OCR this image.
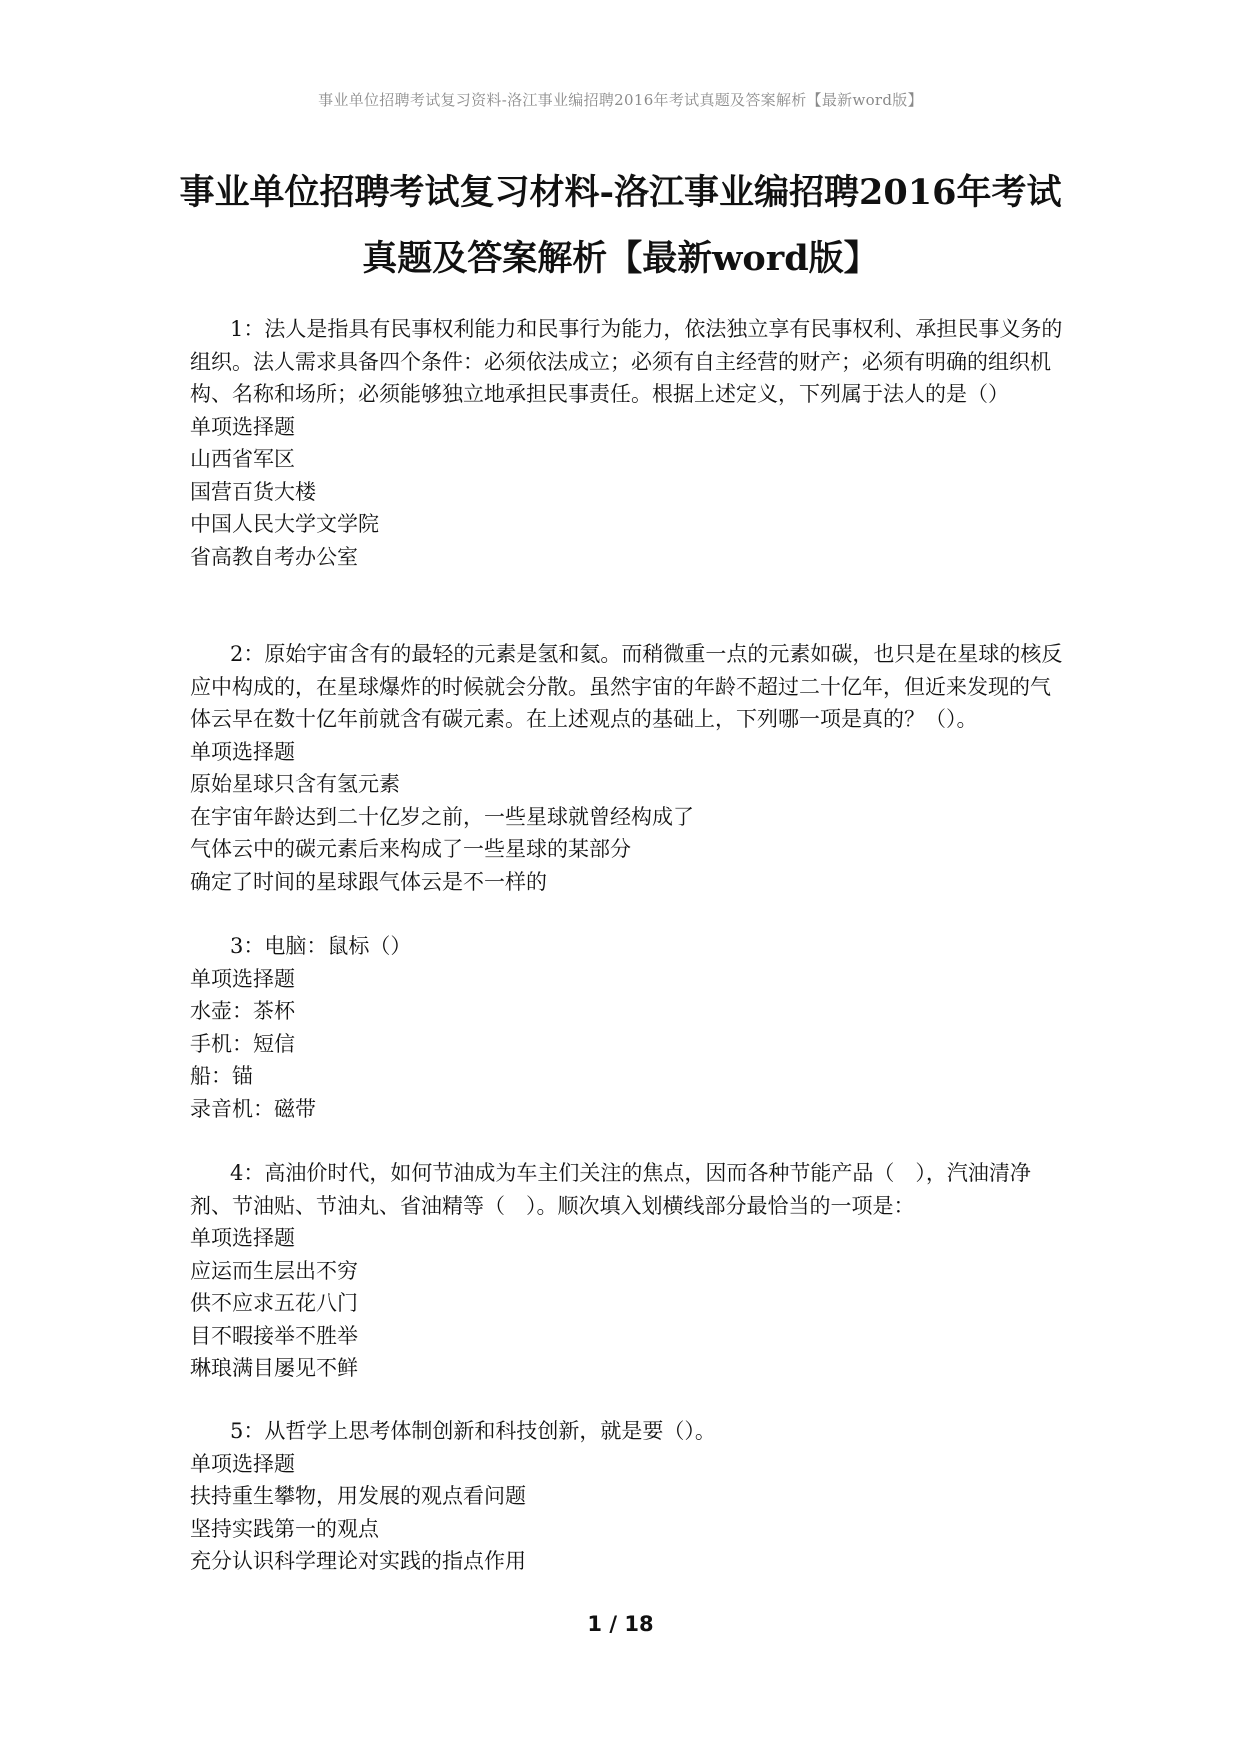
事业单位招聘考试复习资料-洛江事业编招聘2016年考试真题及答案解析【最新word版】
事业单位招聘考试复习材料-洛江事业编招聘2016年考试
真题及答案解析【最新word版】

1：法人是指具有民事权利能力和民事行为能力，依法独立享有民事权利、承担民事义务的组织。法人需求具备四个条件：必须依法成立；必须有自主经营的财产；必须有明确的组织机构、名称和场所；必须能够独立地承担民事责任。根据上述定义，下列属于法人的是（）

单项选择题
山西省军区
国营百货大楼
中国人民大学文学院
省高教自考办公室

2：原始宇宙含有的最轻的元素是氢和氦。而稍微重一点的元素如碳，也只是在星球的核反应中构成的，在星球爆炸的时候就会分散。虽然宇宙的年龄不超过二十亿年，但近来发现的气体云早在数十亿年前就含有碳元素。在上述观点的基础上，下列哪一项是真的？（）。

单项选择题
原始星球只含有氢元素
在宇宙年龄达到二十亿岁之前，一些星球就曾经构成了
气体云中的碳元素后来构成了一些星球的某部分
确定了时间的星球跟气体云是不一样的

3：电脑：鼠标（）

单项选择题
水壶：茶杯
手机：短信
船：锚
录音机：磁带

4：高油价时代，如何节油成为车主们关注的焦点，因而各种节能产品（　），汽油清净剂、节油贴、节油丸、省油精等（　）。顺次填入划横线部分最恰当的一项是：

单项选择题
应运而生层出不穷
供不应求五花八门
目不暇接举不胜举
琳琅满目屡见不鲜

5：从哲学上思考体制创新和科技创新，就是要（）。

单项选择题
扶持重生攀物，用发展的观点看问题
坚持实践第一的观点
充分认识科学理论对实践的指点作用
1 / 18
